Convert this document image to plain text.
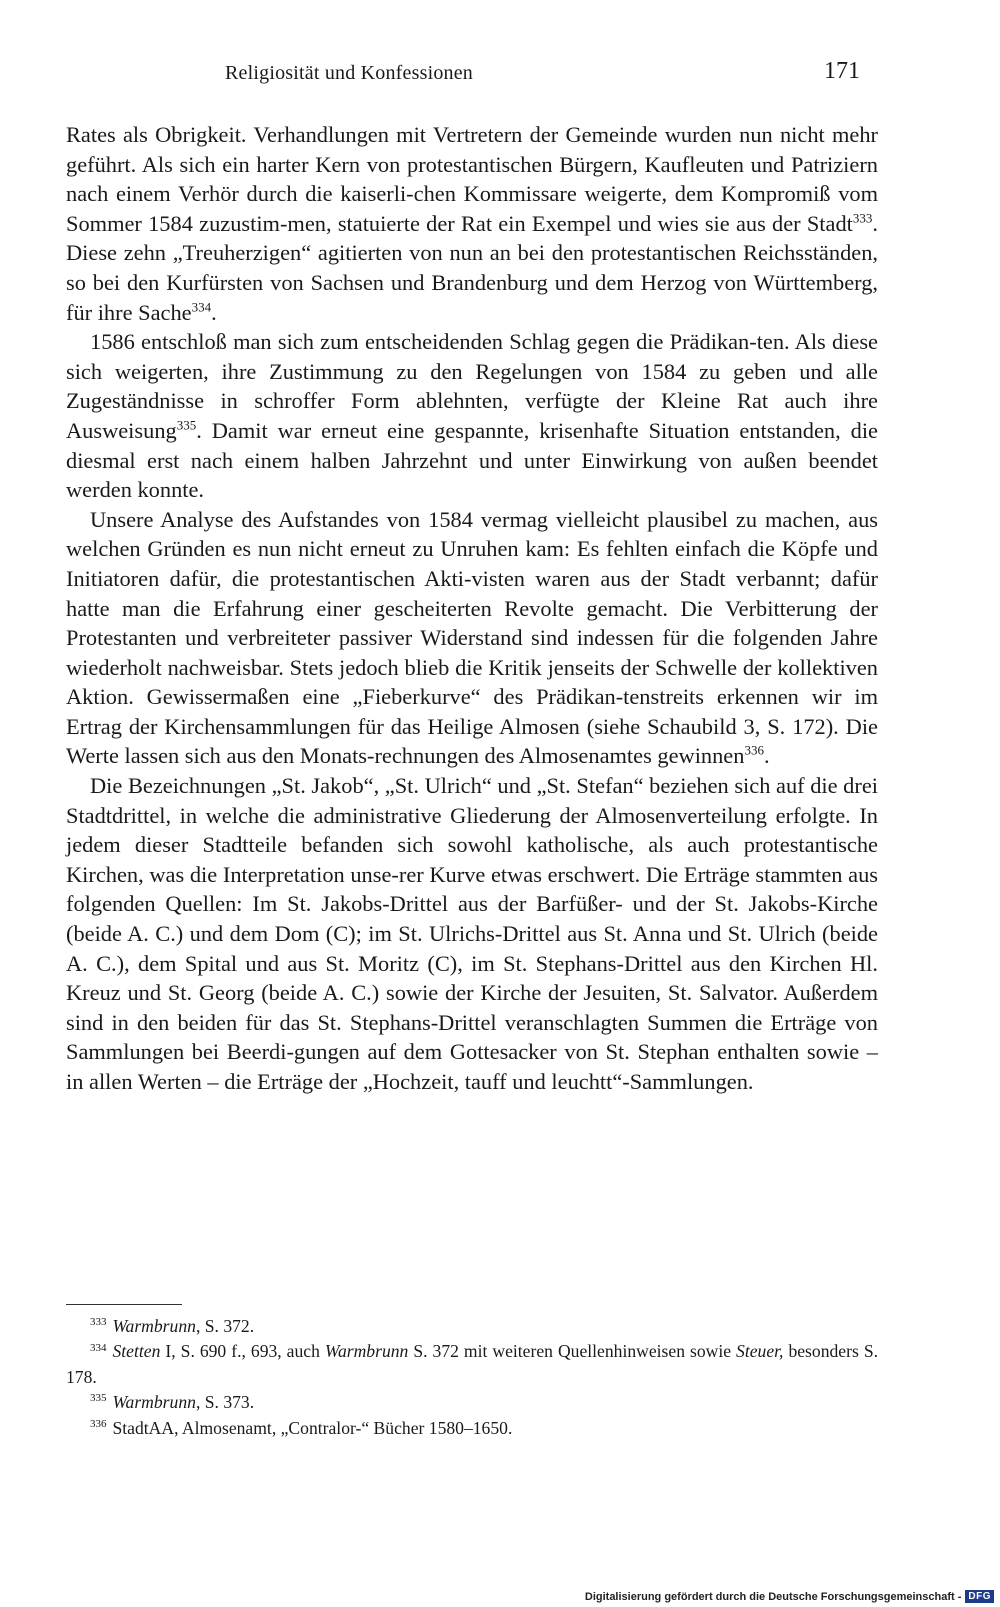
Religiosität und Konfessionen	171

Rates als Obrigkeit. Verhandlungen mit Vertretern der Gemeinde wurden nun nicht mehr geführt. Als sich ein harter Kern von protestantischen Bürgern, Kaufleuten und Patriziern nach einem Verhör durch die kaiserli-chen Kommissare weigerte, dem Kompromiß vom Sommer 1584 zuzustim-men, statuierte der Rat ein Exempel und wies sie aus der Stadt$^{333}$. Diese zehn „Treuherzigen“ agitierten von nun an bei den protestantischen Reichsständen, so bei den Kurfürsten von Sachsen und Brandenburg und dem Herzog von Württemberg, für ihre Sache$^{334}$.

1586 entschloß man sich zum entscheidenden Schlag gegen die Prädikan-ten. Als diese sich weigerten, ihre Zustimmung zu den Regelungen von 1584 zu geben und alle Zugeständnisse in schroffer Form ablehnten, verfügte der Kleine Rat auch ihre Ausweisung$^{335}$. Damit war erneut eine gespannte, krisenhafte Situation entstanden, die diesmal erst nach einem halben Jahrzehnt und unter Einwirkung von außen beendet werden konnte.

Unsere Analyse des Aufstandes von 1584 vermag vielleicht plausibel zu machen, aus welchen Gründen es nun nicht erneut zu Unruhen kam: Es fehlten einfach die Köpfe und Initiatoren dafür, die protestantischen Akti-visten waren aus der Stadt verbannt; dafür hatte man die Erfahrung einer gescheiterten Revolte gemacht. Die Verbitterung der Protestanten und verbreiteter passiver Widerstand sind indessen für die folgenden Jahre wiederholt nachweisbar. Stets jedoch blieb die Kritik jenseits der Schwelle der kollektiven Aktion. Gewissermaßen eine „Fieberkurve“ des Prädikan-tenstreits erkennen wir im Ertrag der Kirchensammlungen für das Heilige Almosen (siehe Schaubild 3, S. 172). Die Werte lassen sich aus den Monats-rechnungen des Almosenamtes gewinnen$^{336}$.

Die Bezeichnungen „St. Jakob“, „St. Ulrich“ und „St. Stefan“ beziehen sich auf die drei Stadtdrittel, in welche die administrative Gliederung der Almosenverteilung erfolgte. In jedem dieser Stadtteile befanden sich sowohl katholische, als auch protestantische Kirchen, was die Interpretation unse-rer Kurve etwas erschwert. Die Erträge stammten aus folgenden Quellen: Im St. Jakobs-Drittel aus der Barfüßer- und der St. Jakobs-Kirche (beide A. C.) und dem Dom (C); im St. Ulrichs-Drittel aus St. Anna und St. Ulrich (beide A. C.), dem Spital und aus St. Moritz (C), im St. Stephans-Drittel aus den Kirchen Hl. Kreuz und St. Georg (beide A. C.) sowie der Kirche der Jesuiten, St. Salvator. Außerdem sind in den beiden für das St. Stephans-Drittel veranschlagten Summen die Erträge von Sammlungen bei Beerdi-gungen auf dem Gottesacker von St. Stephan enthalten sowie – in allen Werten – die Erträge der „Hochzeit, tauff und leuchtt“-Sammlungen.

$^{333}$ Warmbrunn, S. 372.

$^{334}$ Stetten I, S. 690 f., 693, auch Warmbrunn S. 372 mit weiteren Quellenhinweisen sowie Steuer, besonders S. 178.

$^{335}$ Warmbrunn, S. 373.

$^{336}$ StadtAA, Almosenamt, „Contralor-“ Bücher 1580–1650.

Digitalisierung gefördert durch die Deutsche Forschungsgemeinschaft - DFG
